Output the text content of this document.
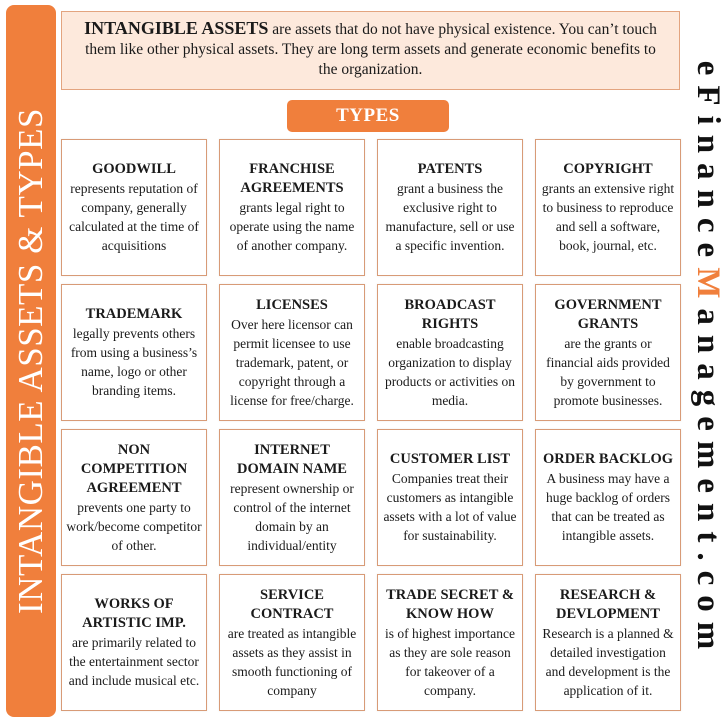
INTANGIBLE ASSETS & TYPES	eFinanceManagement.com
INTANGIBLE ASSETS are assets that do not have physical existence. You can’t touch them like other physical assets. They are long term assets and generate economic benefits to the organization.
TYPES
GOODWILL
represents reputation of company, generally calculated at the time of acquisitions
FRANCHISE AGREEMENTS
grants legal right to operate using the name of another company.
PATENTS
grant a business the exclusive right to manufacture, sell or use a specific invention.
COPYRIGHT
grants an extensive right to business to reproduce and sell a software, book, journal, etc.
TRADEMARK
legally prevents others from using a business’s name, logo or other branding items.
LICENSES
Over here licensor can permit licensee to use trademark, patent, or copyright through a license for free/charge.
BROADCAST RIGHTS
enable broadcasting organization to display products or activities on media.
GOVERNMENT GRANTS
are the grants or financial aids provided by government to promote businesses.
NON COMPETITION AGREEMENT
prevents one party to work/become competitor of other.
INTERNET DOMAIN NAME
represent ownership or control of the internet domain by an individual/entity
CUSTOMER LIST
Companies treat their customers as intangible assets with a lot of value for sustainability.
ORDER BACKLOG
A business may have a huge backlog of orders that can be treated as intangible assets.
WORKS OF ARTISTIC IMP.
are primarily related to the entertainment sector and include musical etc.
SERVICE CONTRACT
are treated as intangible assets as they assist in smooth functioning of company
TRADE SECRET & KNOW HOW
is of highest importance as they are sole reason for takeover of a company.
RESEARCH & DEVLOPMENT
Research is a planned & detailed investigation and development is the application of it.
